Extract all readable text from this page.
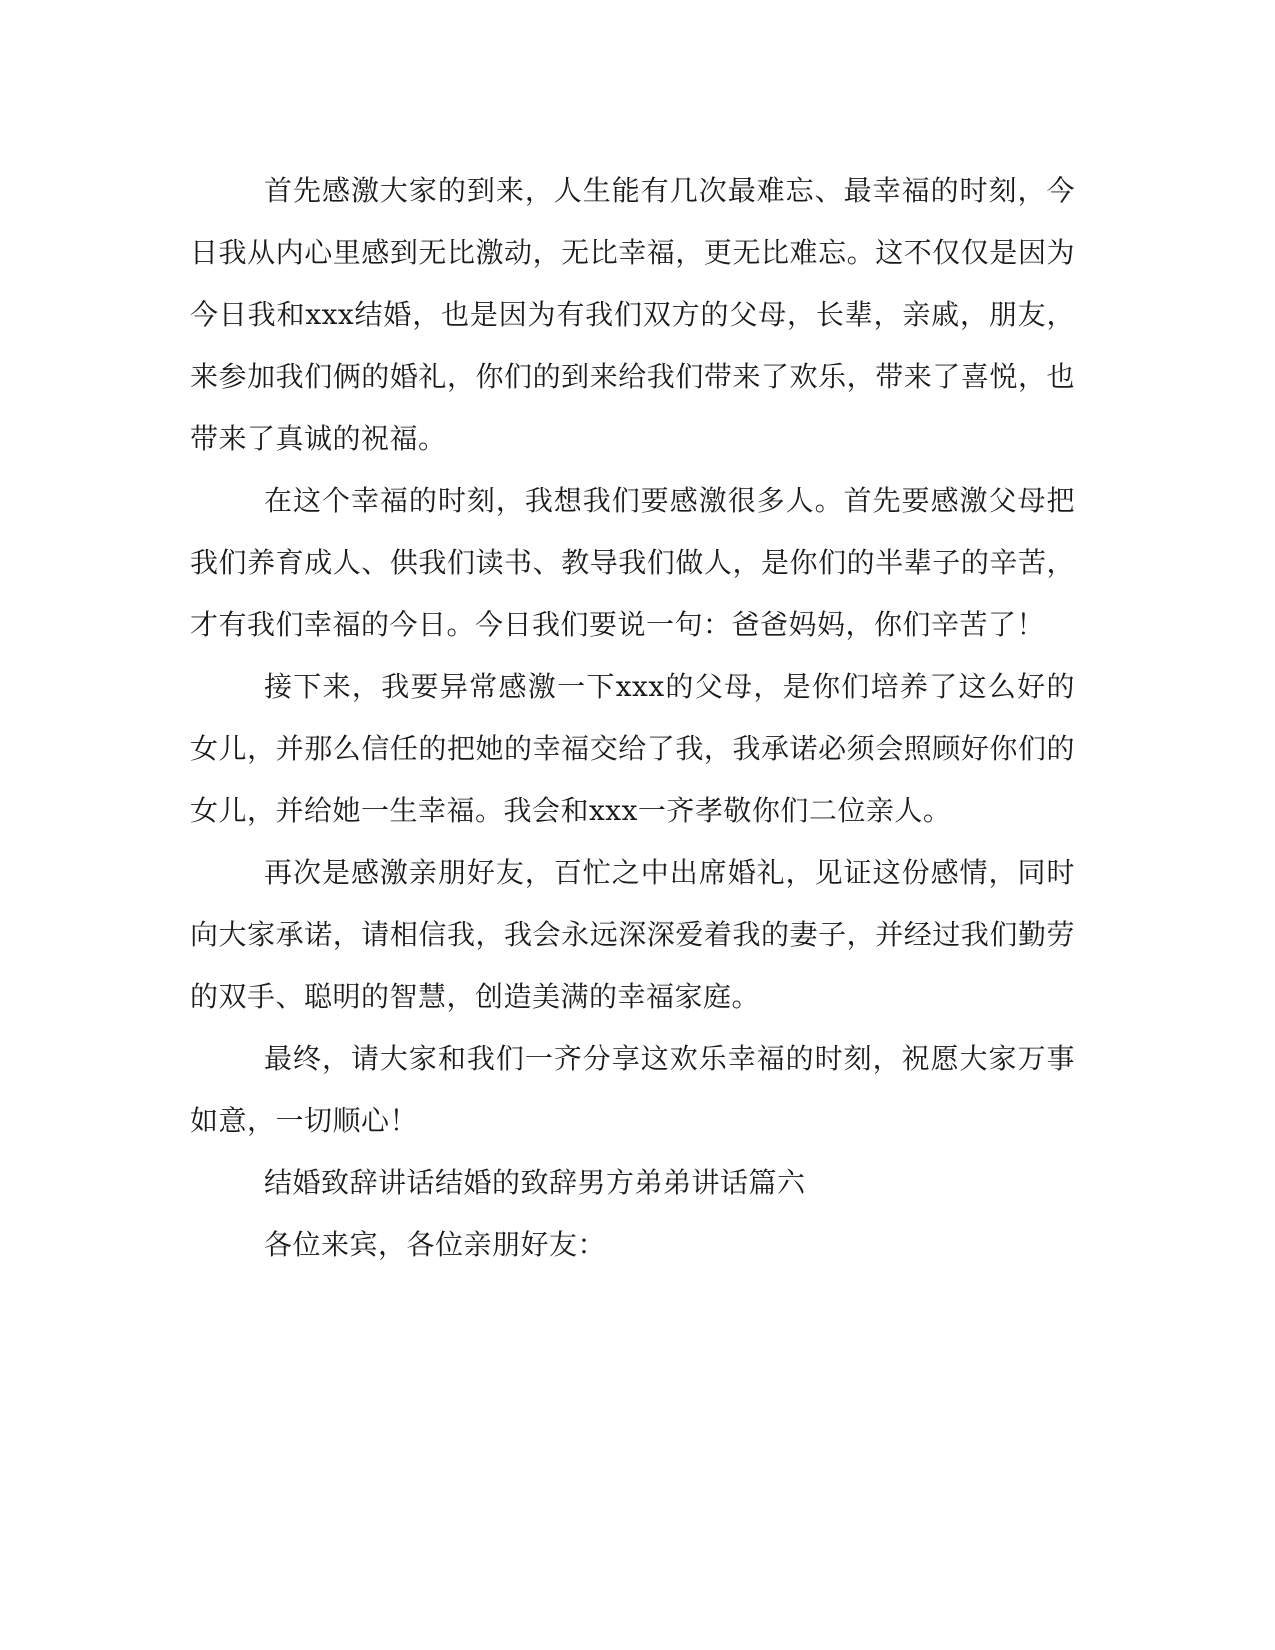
首先感激大家的到来，人生能有几次最难忘、最幸福的时刻，今日我从内心里感到无比激动，无比幸福，更无比难忘。这不仅仅是因为今日我和xxx结婚，也是因为有我们双方的父母，长辈，亲戚，朋友，来参加我们俩的婚礼，你们的到来给我们带来了欢乐，带来了喜悦，也带来了真诚的祝福。

在这个幸福的时刻，我想我们要感激很多人。首先要感激父母把我们养育成人、供我们读书、教导我们做人，是你们的半辈子的辛苦，才有我们幸福的今日。今日我们要说一句：爸爸妈妈，你们辛苦了！

接下来，我要异常感激一下xxx的父母，是你们培养了这么好的女儿，并那么信任的把她的幸福交给了我，我承诺必须会照顾好你们的女儿，并给她一生幸福。我会和xxx一齐孝敬你们二位亲人。

再次是感激亲朋好友，百忙之中出席婚礼，见证这份感情，同时向大家承诺，请相信我，我会永远深深爱着我的妻子，并经过我们勤劳的双手、聪明的智慧，创造美满的幸福家庭。

最终，请大家和我们一齐分享这欢乐幸福的时刻，祝愿大家万事如意，一切顺心！

结婚致辞讲话结婚的致辞男方弟弟讲话篇六

各位来宾，各位亲朋好友：
